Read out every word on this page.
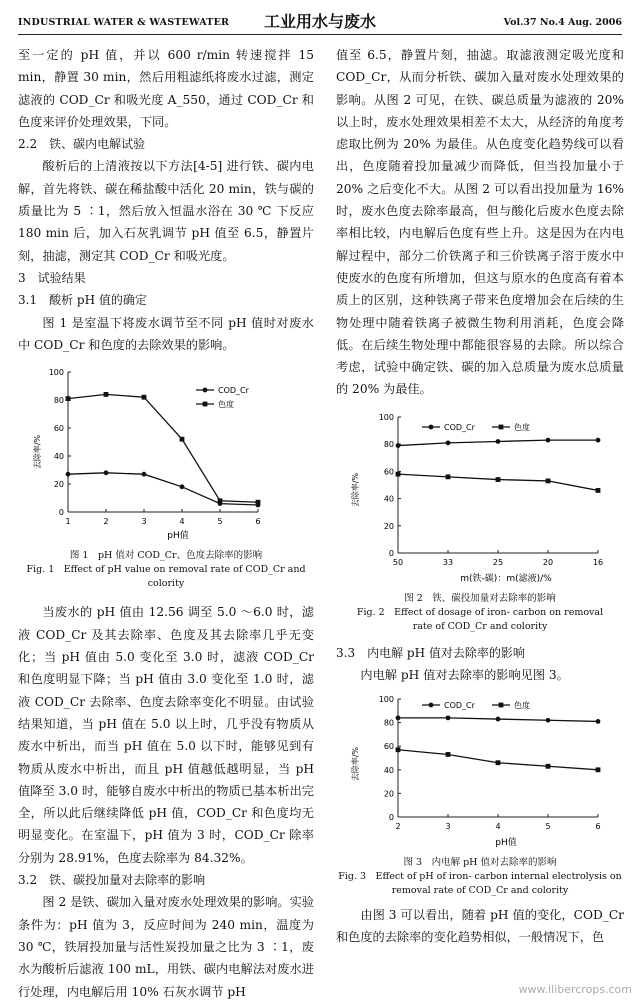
INDUSTRIAL WATER & WASTEWATER	工业用水与废水	Vol.37 No.4 Aug. 2006

至一定的 pH 值，并以 600 r/min 转速搅拌 15 min，静置 30 min，然后用粗滤纸将废水过滤，测定滤液的 COD_Cr 和吸光度 A_550，通过 COD_Cr 和色度来评价处理效果，下同。

2.2　铁、碳内电解试验

酸析后的上清液按以下方法[4-5] 进行铁、碳内电解，首先将铁、碳在稀盐酸中活化 20 min，铁与碳的质量比为 5 ∶1，然后放入恒温水浴在 30 ℃ 下反应 180 min 后，加入石灰乳调节 pH 值至 6.5，静置片刻，抽滤，测定其 COD_Cr 和吸光度。

3　试验结果

3.1　酸析 pH 值的确定

图 1 是室温下将废水调节至不同 pH 值时对废水中 COD_Cr 和色度的去除效果的影响。

去除率/%
pH值
0
20
40
60
80
100
1	2	3	4	5	6
COD_Cr
色度
图 1　pH 值对 COD_Cr、色度去除率的影响
Fig. 1　Effect of pH value on removal rate of COD_Cr and colority

当废水的 pH 值由 12.56 调至 5.0 ～6.0 时，滤液 COD_Cr 及其去除率、色度及其去除率几乎无变化；当 pH 值由 5.0 变化至 3.0 时，滤液 COD_Cr 和色度明显下降；当 pH 值由 3.0 变化至 1.0 时，滤液 COD_Cr 去除率、色度去除率变化不明显。由试验结果知道，当 pH 值在 5.0 以上时，几乎没有物质从废水中析出，而当 pH 值在 5.0 以下时，能够见到有物质从废水中析出，而且 pH 值越低越明显，当 pH 值降至 3.0 时，能够自废水中析出的物质已基本析出完全，所以此后继续降低 pH 值，COD_Cr 和色度均无明显变化。在室温下，pH 值为 3 时，COD_Cr 除率分别为 28.91%，色度去除率为 84.32%。

3.2　铁、碳投加量对去除率的影响

图 2 是铁、碳加入量对废水处理效果的影响。实验条件为：pH 值为 3，反应时间为 240 min，温度为 30 ℃，铁屑投加量与活性炭投加量之比为 3 ∶1，废水为酸析后滤液 100 mL，用铁、碳内电解法对废水进行处理，内电解后用 10% 石灰水调节 pH

值至 6.5，静置片刻，抽滤。取滤液测定吸光度和 COD_Cr，从而分析铁、碳加入量对废水处理效果的影响。从图 2 可见，在铁、碳总质量为滤液的 20% 以上时，废水处理效果相差不太大，从经济的角度考虑取比例为 20% 为最佳。从色度变化趋势线可以看出，色度随着投加量减少而降低，但当投加量小于 20% 之后变化不大。从图 2 可以看出投加量为 16% 时，废水色度去除率最高，但与酸化后废水色度去除率相比较，内电解后色度有些上升。这是因为在内电解过程中，部分二价铁离子和三价铁离子溶于废水中使废水的色度有所增加，但这与原水的色度高有着本质上的区别，这种铁离子带来色度增加会在后续的生物处理中随着铁离子被微生物利用消耗，色度会降低。在后续生物处理中都能很容易的去除。所以综合考虑，试验中确定铁、碳的加入总质量为废水总质量的 20% 为最佳。

去除率/%
m(铁-碳)：m(滤液)/%
0
20
40
60
80
100
50	33	25	20	16
COD_Cr	色度
图 2　铁、碳投加量对去除率的影响
Fig. 2　Effect of dosage of iron- carbon on removal
rate of COD_Cr and colority

3.3　内电解 pH 值对去除率的影响

内电解 pH 值对去除率的影响见图 3。

去除率/%
pH值
0
20
40
60
80
100
2	3	4	5	6
COD_Cr	色度
图 3　内电解 pH 值对去除率的影响
Fig. 3　Effect of pH of iron- carbon internal electrolysis on
removal rate of COD_Cr and colority

由图 3 可以看出，随着 pH 值的变化，COD_Cr 和色度的去除率的变化趋势相似，一般情况下，色

www.ilibercrops.com
